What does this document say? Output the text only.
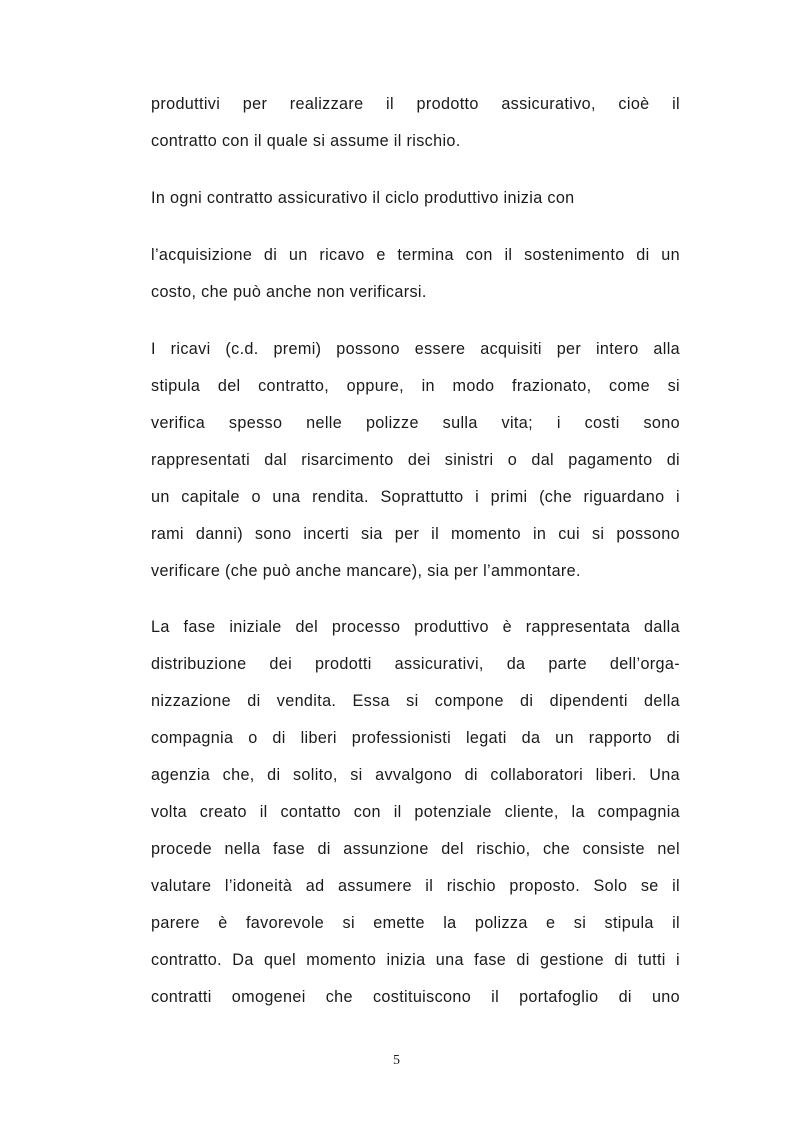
produttivi per realizzare il prodotto assicurativo, cioè il
contratto con il quale si assume il rischio.
In ogni contratto assicurativo il ciclo produttivo inizia con
l’acquisizione di un ricavo e termina con il sostenimento di un
costo, che può anche non verificarsi.
I ricavi (c.d. premi) possono essere acquisiti per intero alla
stipula del contratto, oppure, in modo frazionato, come si
verifica spesso nelle polizze sulla vita; i costi sono
rappresentati dal risarcimento dei sinistri o dal pagamento di
un capitale o una rendita. Soprattutto i primi (che riguardano i
rami danni) sono incerti sia per il momento in cui si possono
verificare (che può anche mancare), sia per l’ammontare.
La fase iniziale del processo produttivo è rappresentata dalla
distribuzione dei prodotti assicurativi, da parte dell’orga-
nizzazione di vendita. Essa si compone di dipendenti della
compagnia o di liberi professionisti legati da un rapporto di
agenzia che, di solito, si avvalgono di collaboratori liberi. Una
volta creato il contatto con il potenziale cliente, la compagnia
procede nella fase di assunzione del rischio, che consiste nel
valutare l’idoneità ad assumere il rischio proposto. Solo se il
parere è favorevole si emette la polizza e si stipula il
contratto. Da quel momento inizia una fase di gestione di tutti i
contratti omogenei che costituiscono il portafoglio di uno
5
